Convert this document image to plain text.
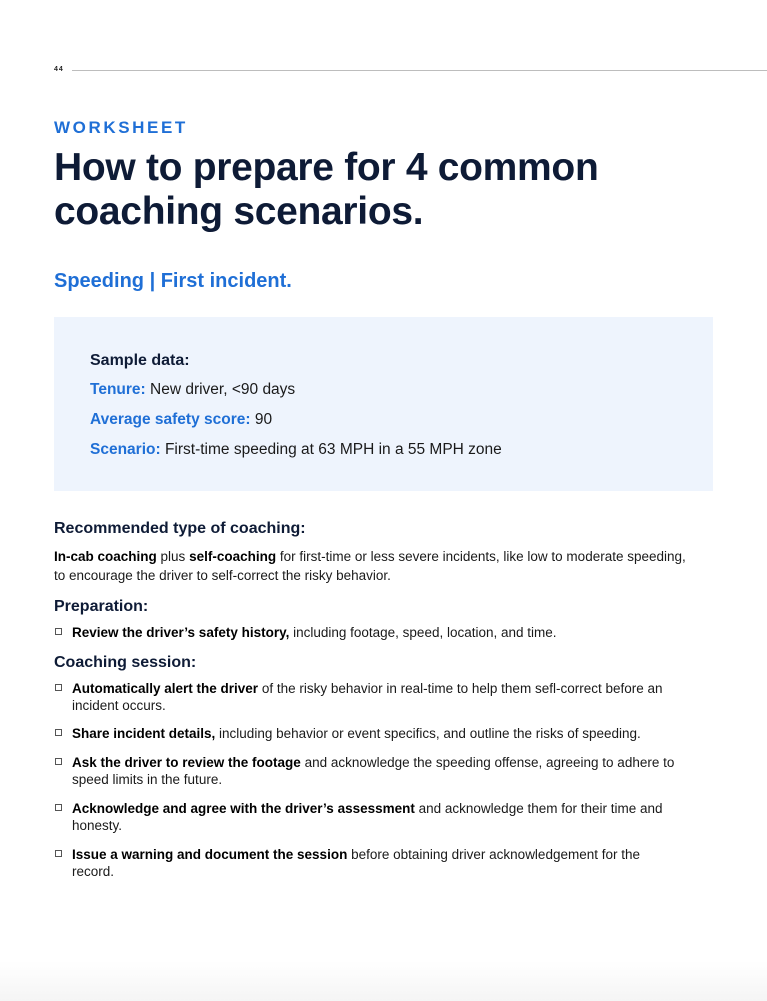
44
WORKSHEET
How to prepare for 4 common coaching scenarios.
Speeding | First incident.
Sample data:
Tenure: New driver, <90 days
Average safety score: 90
Scenario: First-time speeding at 63 MPH in a 55 MPH zone
Recommended type of coaching:
In-cab coaching plus self-coaching for first-time or less severe incidents, like low to moderate speeding, to encourage the driver to self-correct the risky behavior.
Preparation:
Review the driver’s safety history, including footage, speed, location, and time.
Coaching session:
Automatically alert the driver of the risky behavior in real-time to help them sefl-correct before an incident occurs.
Share incident details, including behavior or event specifics, and outline the risks of speeding.
Ask the driver to review the footage and acknowledge the speeding offense, agreeing to adhere to speed limits in the future.
Acknowledge and agree with the driver’s assessment and acknowledge them for their time and honesty.
Issue a warning and document the session before obtaining driver acknowledgement for the record.
